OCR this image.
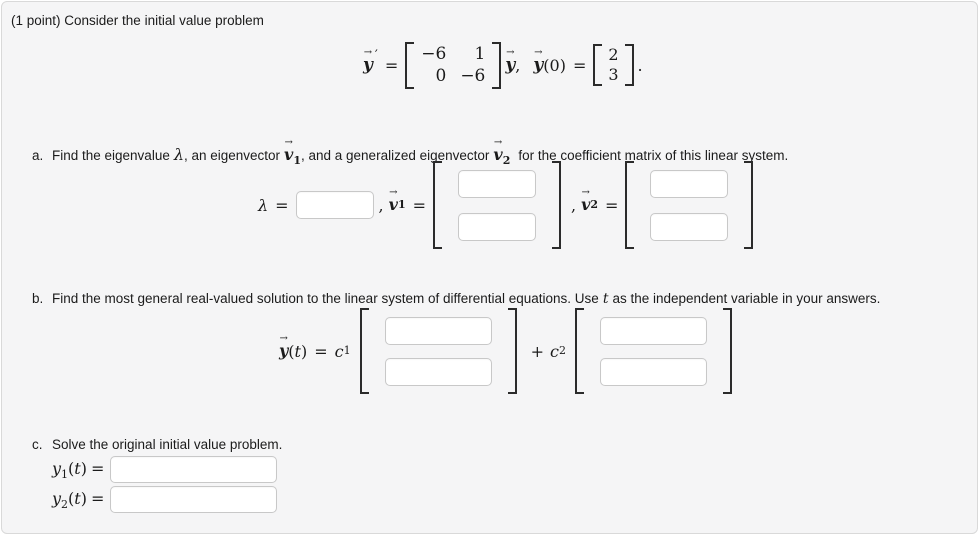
(1 point) Consider the initial value problem
→
y ′
=
−6	1
0 −6
→
y ,
→
y ( 0 ) =
2
3 .
a. Find the eigenvalue λ, an eigenvector
→
$v_1$, and a generalized eigenvector
→
$v_2$ for the coefficient matrix of this linear system.
λ =	,
→
v 1 =	,
→
v 2 =
b. Find the most general real-valued solution to the linear system of differential equations. Use t as the independent variable in your answers.
→
y ( t ) = c 1	+ c 2
c. Solve the original initial value problem.
$y_1(t)$ =
$y_2(t)$ =
